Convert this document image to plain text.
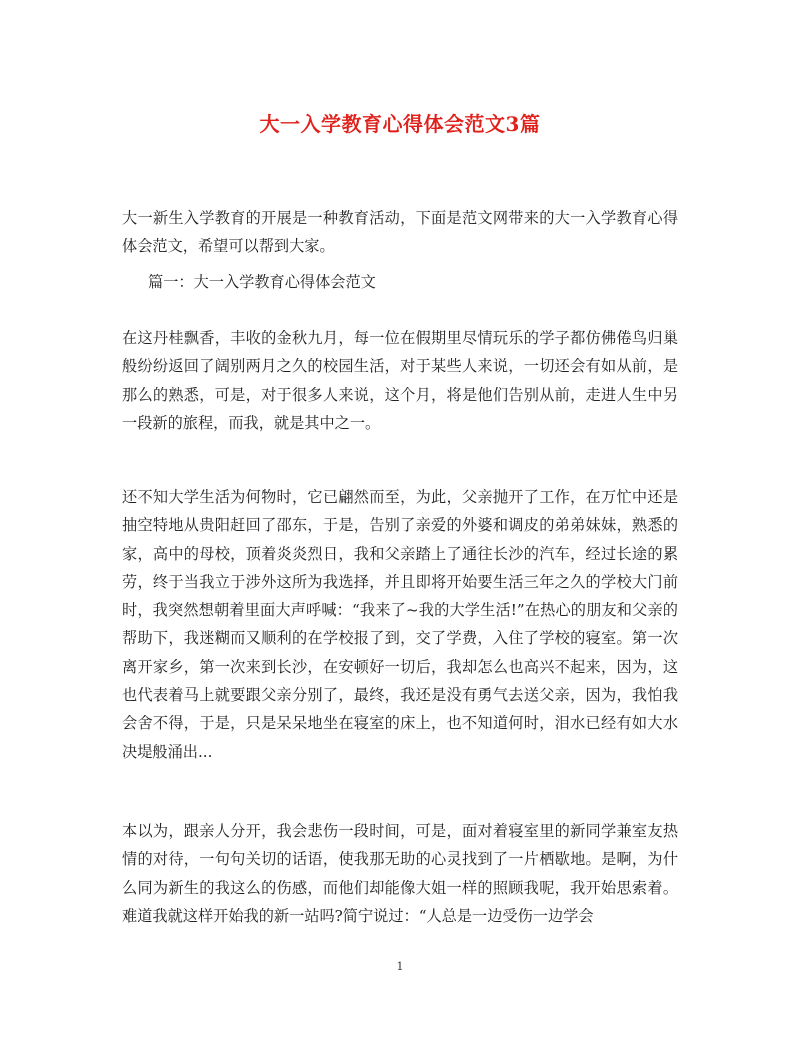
大一入学教育心得体会范文3篇

大一新生入学教育的开展是一种教育活动，下面是范文网带来的大一入学教育心得体会范文，希望可以帮到大家。

篇一：大一入学教育心得体会范文

在这丹桂飘香，丰收的金秋九月，每一位在假期里尽情玩乐的学子都仿佛倦鸟归巢般纷纷返回了阔别两月之久的校园生活，对于某些人来说，一切还会有如从前，是那么的熟悉，可是，对于很多人来说，这个月，将是他们告别从前，走进人生中另一段新的旅程，而我，就是其中之一。

还不知大学生活为何物时，它已翩然而至，为此，父亲抛开了工作，在万忙中还是抽空特地从贵阳赶回了邵东，于是，告别了亲爱的外婆和调皮的弟弟妹妹，熟悉的家，高中的母校，顶着炎炎烈日，我和父亲踏上了通往长沙的汽车，经过长途的累劳，终于当我立于涉外这所为我选择，并且即将开始要生活三年之久的学校大门前时，我突然想朝着里面大声呼喊：“我来了~我的大学生活!”在热心的朋友和父亲的帮助下，我迷糊而又顺利的在学校报了到，交了学费，入住了学校的寝室。第一次离开家乡，第一次来到长沙，在安顿好一切后，我却怎么也高兴不起来，因为，这也代表着马上就要跟父亲分别了，最终，我还是没有勇气去送父亲，因为，我怕我会舍不得，于是，只是呆呆地坐在寝室的床上，也不知道何时，泪水已经有如大水决堤般涌出...

本以为，跟亲人分开，我会悲伤一段时间，可是，面对着寝室里的新同学兼室友热情的对待，一句句关切的话语，使我那无助的心灵找到了一片栖歇地。是啊，为什么同为新生的我这么的伤感，而他们却能像大姐一样的照顾我呢，我开始思索着。难道我就这样开始我的新一站吗?简宁说过：“人总是一边受伤一边学会

1
